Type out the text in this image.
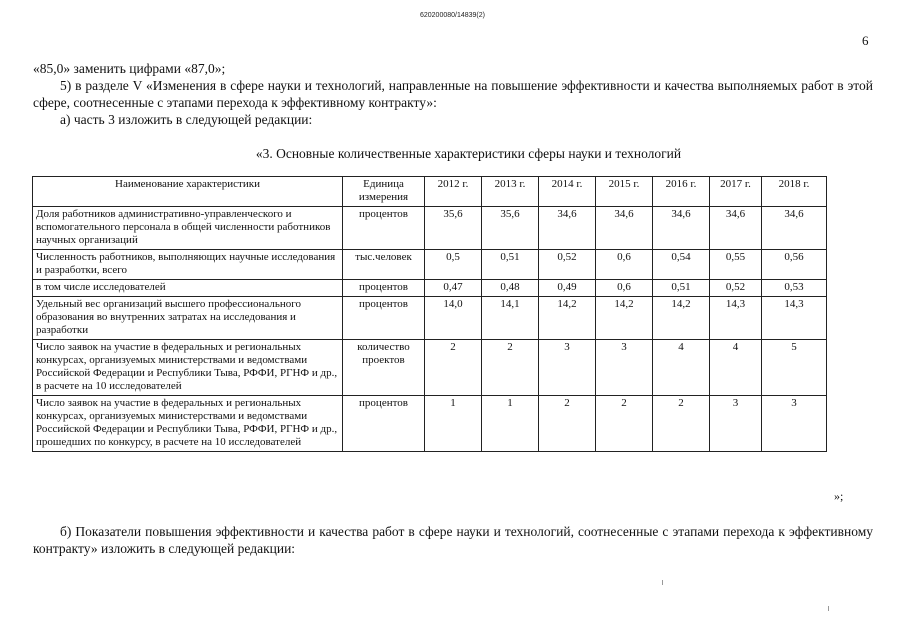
620200080/14839(2)
6
«85,0» заменить цифрами «87,0»;
5) в разделе V «Изменения в сфере науки и технологий, направленные на повышение эффективности и качества выполняемых работ в этой сфере, соотнесенные с этапами перехода к эффективному контракту»:
а) часть 3 изложить в следующей редакции:
«3. Основные количественные характеристики сферы науки и технологий
Наименование характеристики	Единица измерения	2012 г.	2013 г.	2014 г.	2015 г.	2016 г.	2017 г.	2018 г.
Доля работников административно-управленческого и вспомогательного персонала в общей численности работников научных организаций	процентов	35,6	35,6	34,6	34,6	34,6	34,6	34,6
Численность работников, выполняющих научные исследования и разработки, всего	тыс.человек	0,5	0,51	0,52	0,6	0,54	0,55	0,56
в том числе исследователей	процентов	0,47	0,48	0,49	0,6	0,51	0,52	0,53
Удельный вес организаций высшего профессионального образования во внутренних затратах на исследования и разработки	процентов	14,0	14,1	14,2	14,2	14,2	14,3	14,3
Число заявок на участие в федеральных и региональных конкурсах, организуемых министерствами и ведомствами Российской Федерации и Республики Тыва, РФФИ, РГНФ и др., в расчете на 10 исследователей	количество проектов	2	2	3	3	4	4	5
Число заявок на участие в федеральных и региональных конкурсах, организуемых министерствами и ведомствами Российской Федерации и Республики Тыва, РФФИ, РГНФ и др., прошедших по конкурсу, в расчете на 10 исследователей	процентов	1	1	2	2	2	3	3
»;
б) Показатели повышения эффективности и качества работ в сфере науки и технологий, соотнесенные с этапами перехода к эффективному контракту» изложить в следующей редакции:
